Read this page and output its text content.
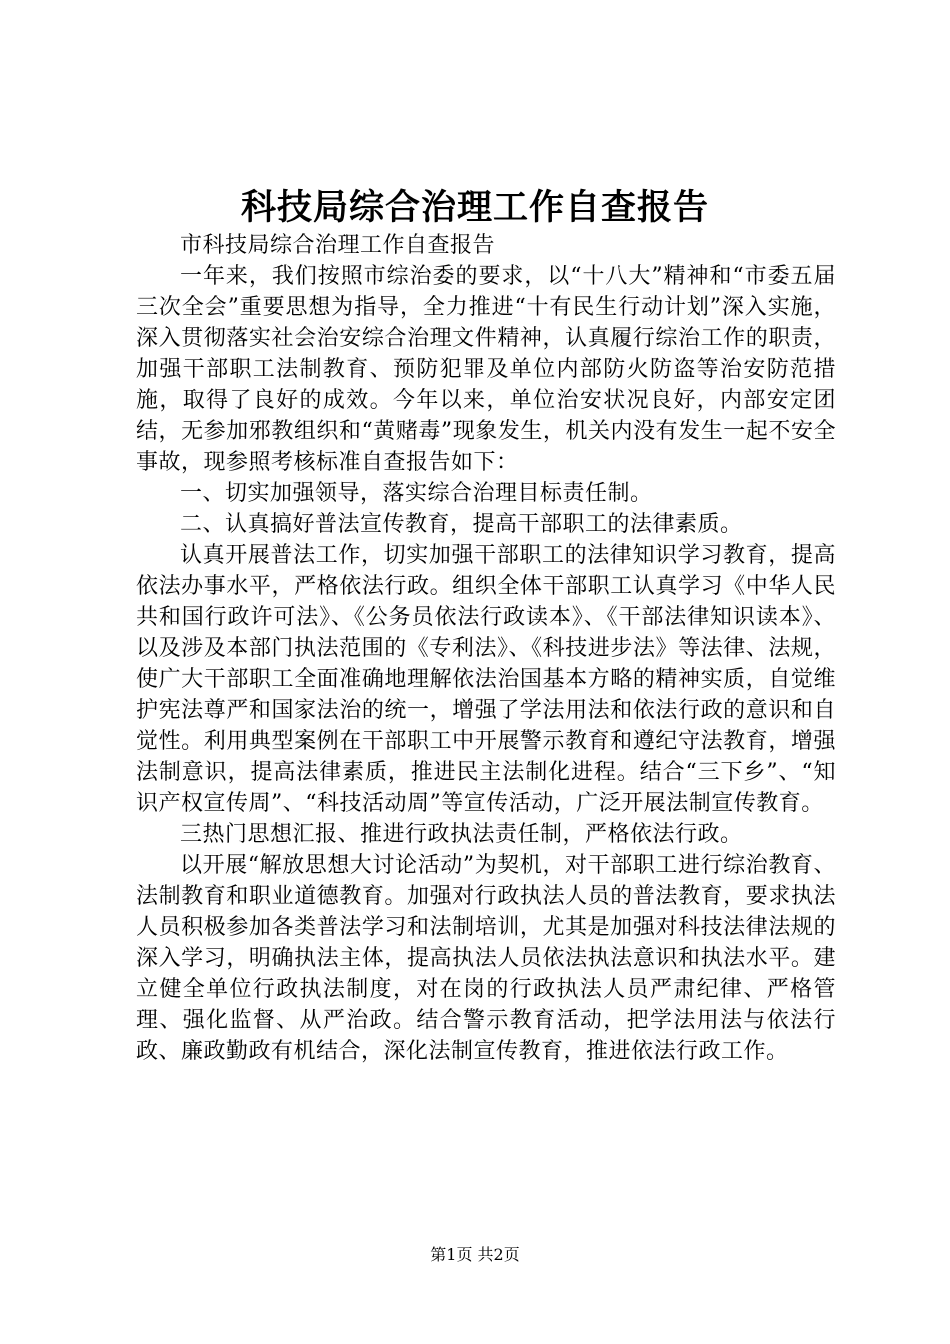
科技局综合治理工作自查报告

市科技局综合治理工作自查报告

一年来，我们按照市综治委的要求，以“十八大”精神和“市委五届三次全会”重要思想为指导，全力推进“十有民生行动计划”深入实施，深入贯彻落实社会治安综合治理文件精神，认真履行综治工作的职责，加强干部职工法制教育、预防犯罪及单位内部防火防盗等治安防范措施，取得了良好的成效。今年以来，单位治安状况良好，内部安定团结，无参加邪教组织和“黄赌毒”现象发生，机关内没有发生一起不安全事故，现参照考核标准自查报告如下：

一、切实加强领导，落实综合治理目标责任制。

二、认真搞好普法宣传教育，提高干部职工的法律素质。

认真开展普法工作，切实加强干部职工的法律知识学习教育，提高依法办事水平，严格依法行政。组织全体干部职工认真学习《中华人民共和国行政许可法》、《公务员依法行政读本》、《干部法律知识读本》、以及涉及本部门执法范围的《专利法》、《科技进步法》等法律、法规，使广大干部职工全面准确地理解依法治国基本方略的精神实质，自觉维护宪法尊严和国家法治的统一，增强了学法用法和依法行政的意识和自觉性。利用典型案例在干部职工中开展警示教育和遵纪守法教育，增强法制意识，提高法律素质，推进民主法制化进程。结合“三下乡”、“知识产权宣传周”、“科技活动周”等宣传活动，广泛开展法制宣传教育。

三热门思想汇报、推进行政执法责任制，严格依法行政。

以开展“解放思想大讨论活动”为契机，对干部职工进行综治教育、法制教育和职业道德教育。加强对行政执法人员的普法教育，要求执法人员积极参加各类普法学习和法制培训，尤其是加强对科技法律法规的深入学习，明确执法主体，提高执法人员依法执法意识和执法水平。建立健全单位行政执法制度，对在岗的行政执法人员严肃纪律、严格管理、强化监督、从严治政。结合警示教育活动，把学法用法与依法行政、廉政勤政有机结合，深化法制宣传教育，推进依法行政工作。

第1页 共2页
